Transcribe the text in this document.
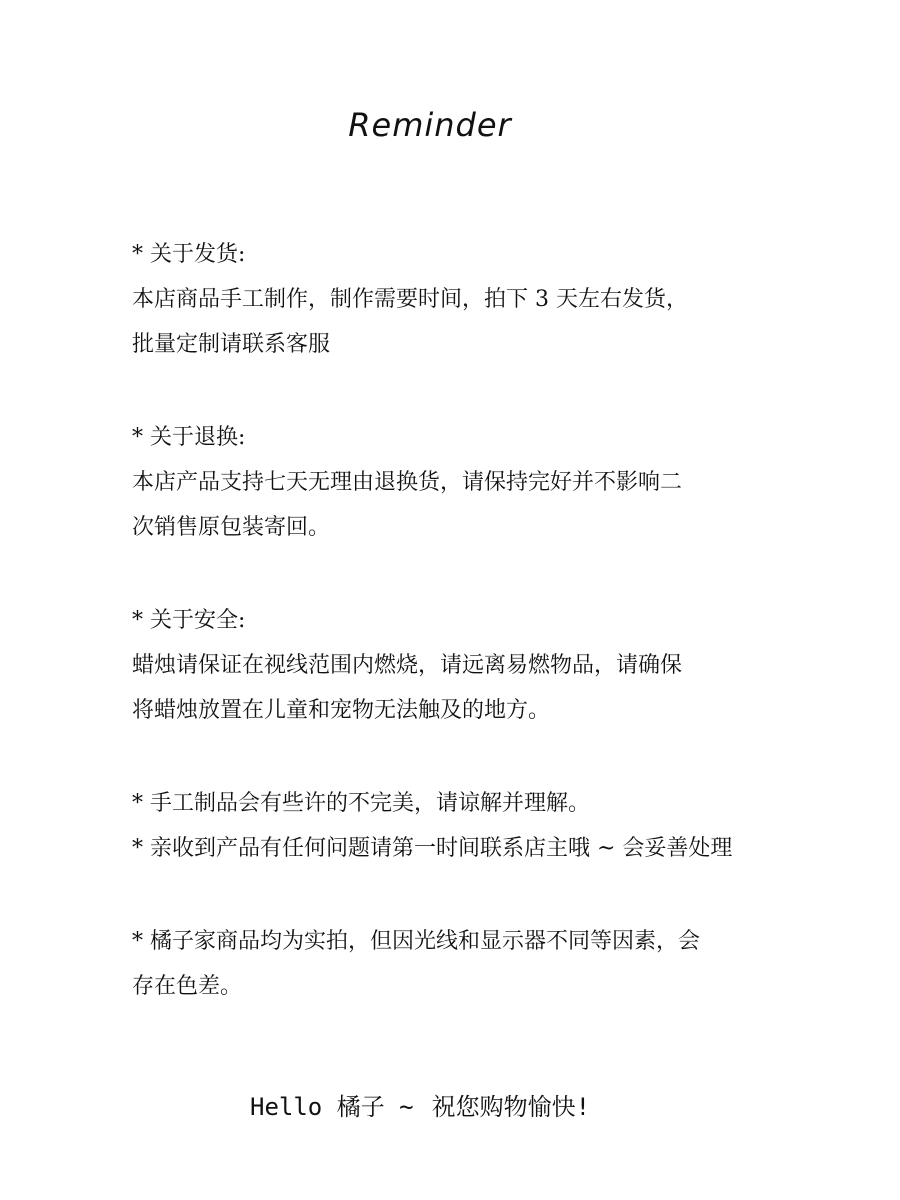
Reminder
* 关于发货:
本店商品手工制作，制作需要时间，拍下 3 天左右发货，
批量定制请联系客服
* 关于退换:
本店产品支持七天无理由退换货，请保持完好并不影响二
次销售原包装寄回。
* 关于安全:
蜡烛请保证在视线范围内燃烧，请远离易燃物品，请确保
将蜡烛放置在儿童和宠物无法触及的地方。
* 手工制品会有些许的不完美，请谅解并理解。
* 亲收到产品有任何问题请第一时间联系店主哦 ~ 会妥善处理
* 橘子家商品均为实拍，但因光线和显示器不同等因素，会
存在色差。
Hello 橘子 ~ 祝您购物愉快!
